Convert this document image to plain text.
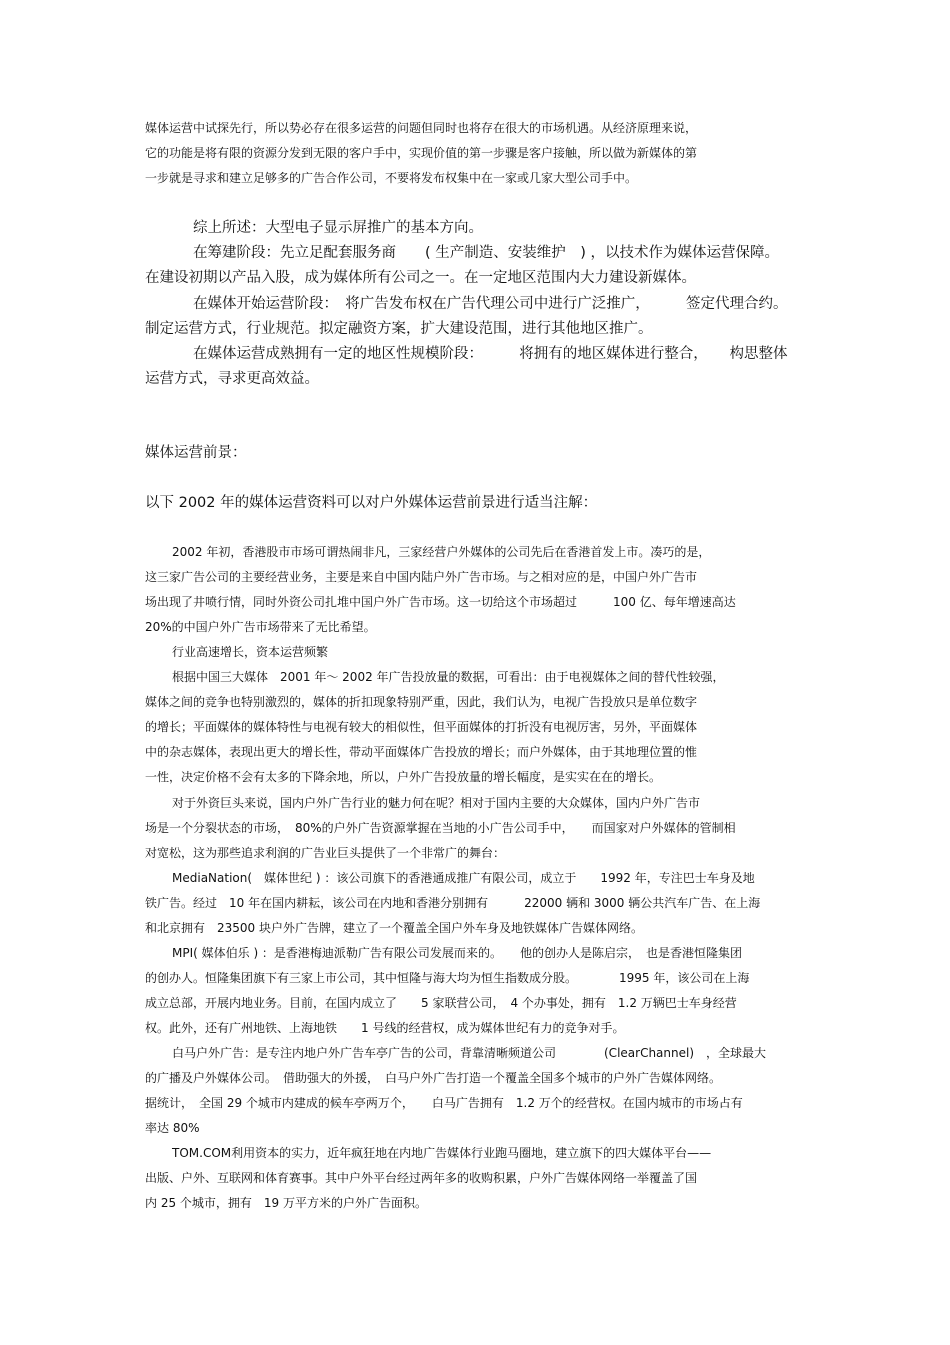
媒体运营中试探先行，所以势必存在很多运营的问题但同时也将存在很大的市场机遇。从经济原理来说，

它的功能是将有限的资源分发到无限的客户手中，实现价值的第一步骤是客户接触，所以做为新媒体的第

一步就是寻求和建立足够多的广告合作公司，不要将发布权集中在一家或几家大型公司手中。

综上所述：大型电子显示屏推广的基本方向。

在筹建阶段：先立足配套服务商　　( 生产制造、安装维护　) ，以技术作为媒体运营保障。

在建设初期以产品入股，成为媒体所有公司之一。在一定地区范围内大力建设新媒体。

在媒体开始运营阶段：　将广告发布权在广告代理公司中进行广泛推广，　　　签定代理合约。

制定运营方式，行业规范。拟定融资方案，扩大建设范围，进行其他地区推广。

在媒体运营成熟拥有一定的地区性规模阶段：　　　将拥有的地区媒体进行整合，　　构思整体

运营方式，寻求更高效益。

媒体运营前景：

以下 2002 年的媒体运营资料可以对户外媒体运营前景进行适当注解：

2002 年初，香港股市市场可谓热闹非凡，三家经营户外媒体的公司先后在香港首发上市。凑巧的是，

这三家广告公司的主要经营业务，主要是来自中国内陆户外广告市场。与之相对应的是，中国户外广告市

场出现了井喷行情，同时外资公司扎堆中国户外广告市场。这一切给这个市场超过　　　100 亿、每年增速高达

20%的中国户外广告市场带来了无比希望。

行业高速增长，资本运营频繁

根据中国三大媒体　2001 年～ 2002 年广告投放量的数据，可看出：由于电视媒体之间的替代性较强，

媒体之间的竞争也特别激烈的，媒体的折扣现象特别严重，因此，我们认为，电视广告投放只是单位数字

的增长；平面媒体的媒体特性与电视有较大的相似性，但平面媒体的打折没有电视厉害，另外，平面媒体

中的杂志媒体，表现出更大的增长性，带动平面媒体广告投放的增长；而户外媒体，由于其地理位置的惟

一性，决定价格不会有太多的下降余地，所以，户外广告投放量的增长幅度，是实实在在的增长。

对于外资巨头来说，国内户外广告行业的魅力何在呢？相对于国内主要的大众媒体，国内户外广告市

场是一个分裂状态的市场，　80%的户外广告资源掌握在当地的小广告公司手中，　　而国家对户外媒体的管制相

对宽松，这为那些追求利润的广告业巨头提供了一个非常广的舞台：

MediaNation(　媒体世纪 ) ：该公司旗下的香港通成推广有限公司，成立于　　1992 年，专注巴士车身及地

铁广告。经过　10 年在国内耕耘，该公司在内地和香港分别拥有　　　22000 辆和 3000 辆公共汽车广告、在上海

和北京拥有　23500 块户外广告牌，建立了一个覆盖全国户外车身及地铁媒体广告媒体网络。

MPI( 媒体伯乐 ) ：是香港梅迪派勒广告有限公司发展而来的。　　他的创办人是陈启宗，　也是香港恒隆集团

的创办人。恒隆集团旗下有三家上市公司，其中恒隆与海大均为恒生指数成分股。　　　　1995 年，该公司在上海

成立总部，开展内地业务。目前，在国内成立了　　5 家联营公司，　4 个办事处，拥有　1.2 万辆巴士车身经营

权。此外，还有广州地铁、上海地铁　　1 号线的经营权，成为媒体世纪有力的竞争对手。

白马户外广告：是专注内地户外广告车亭广告的公司，背靠清晰频道公司　　　　(ClearChannel)　，全球最大

的广播及户外媒体公司。　借助强大的外援，　白马户外广告打造一个覆盖全国多个城市的户外广告媒体网络。

据统计，　全国 29 个城市内建成的候车亭两万个，　　白马广告拥有　1.2 万个的经营权。在国内城市的市场占有

率达 80%

TOM.COM利用资本的实力，近年疯狂地在内地广告媒体行业跑马圈地，建立旗下的四大媒体平台——

出版、户外、互联网和体育赛事。其中户外平台经过两年多的收购积累，户外广告媒体网络一举覆盖了国

内 25 个城市，拥有　19 万平方米的户外广告面积。
